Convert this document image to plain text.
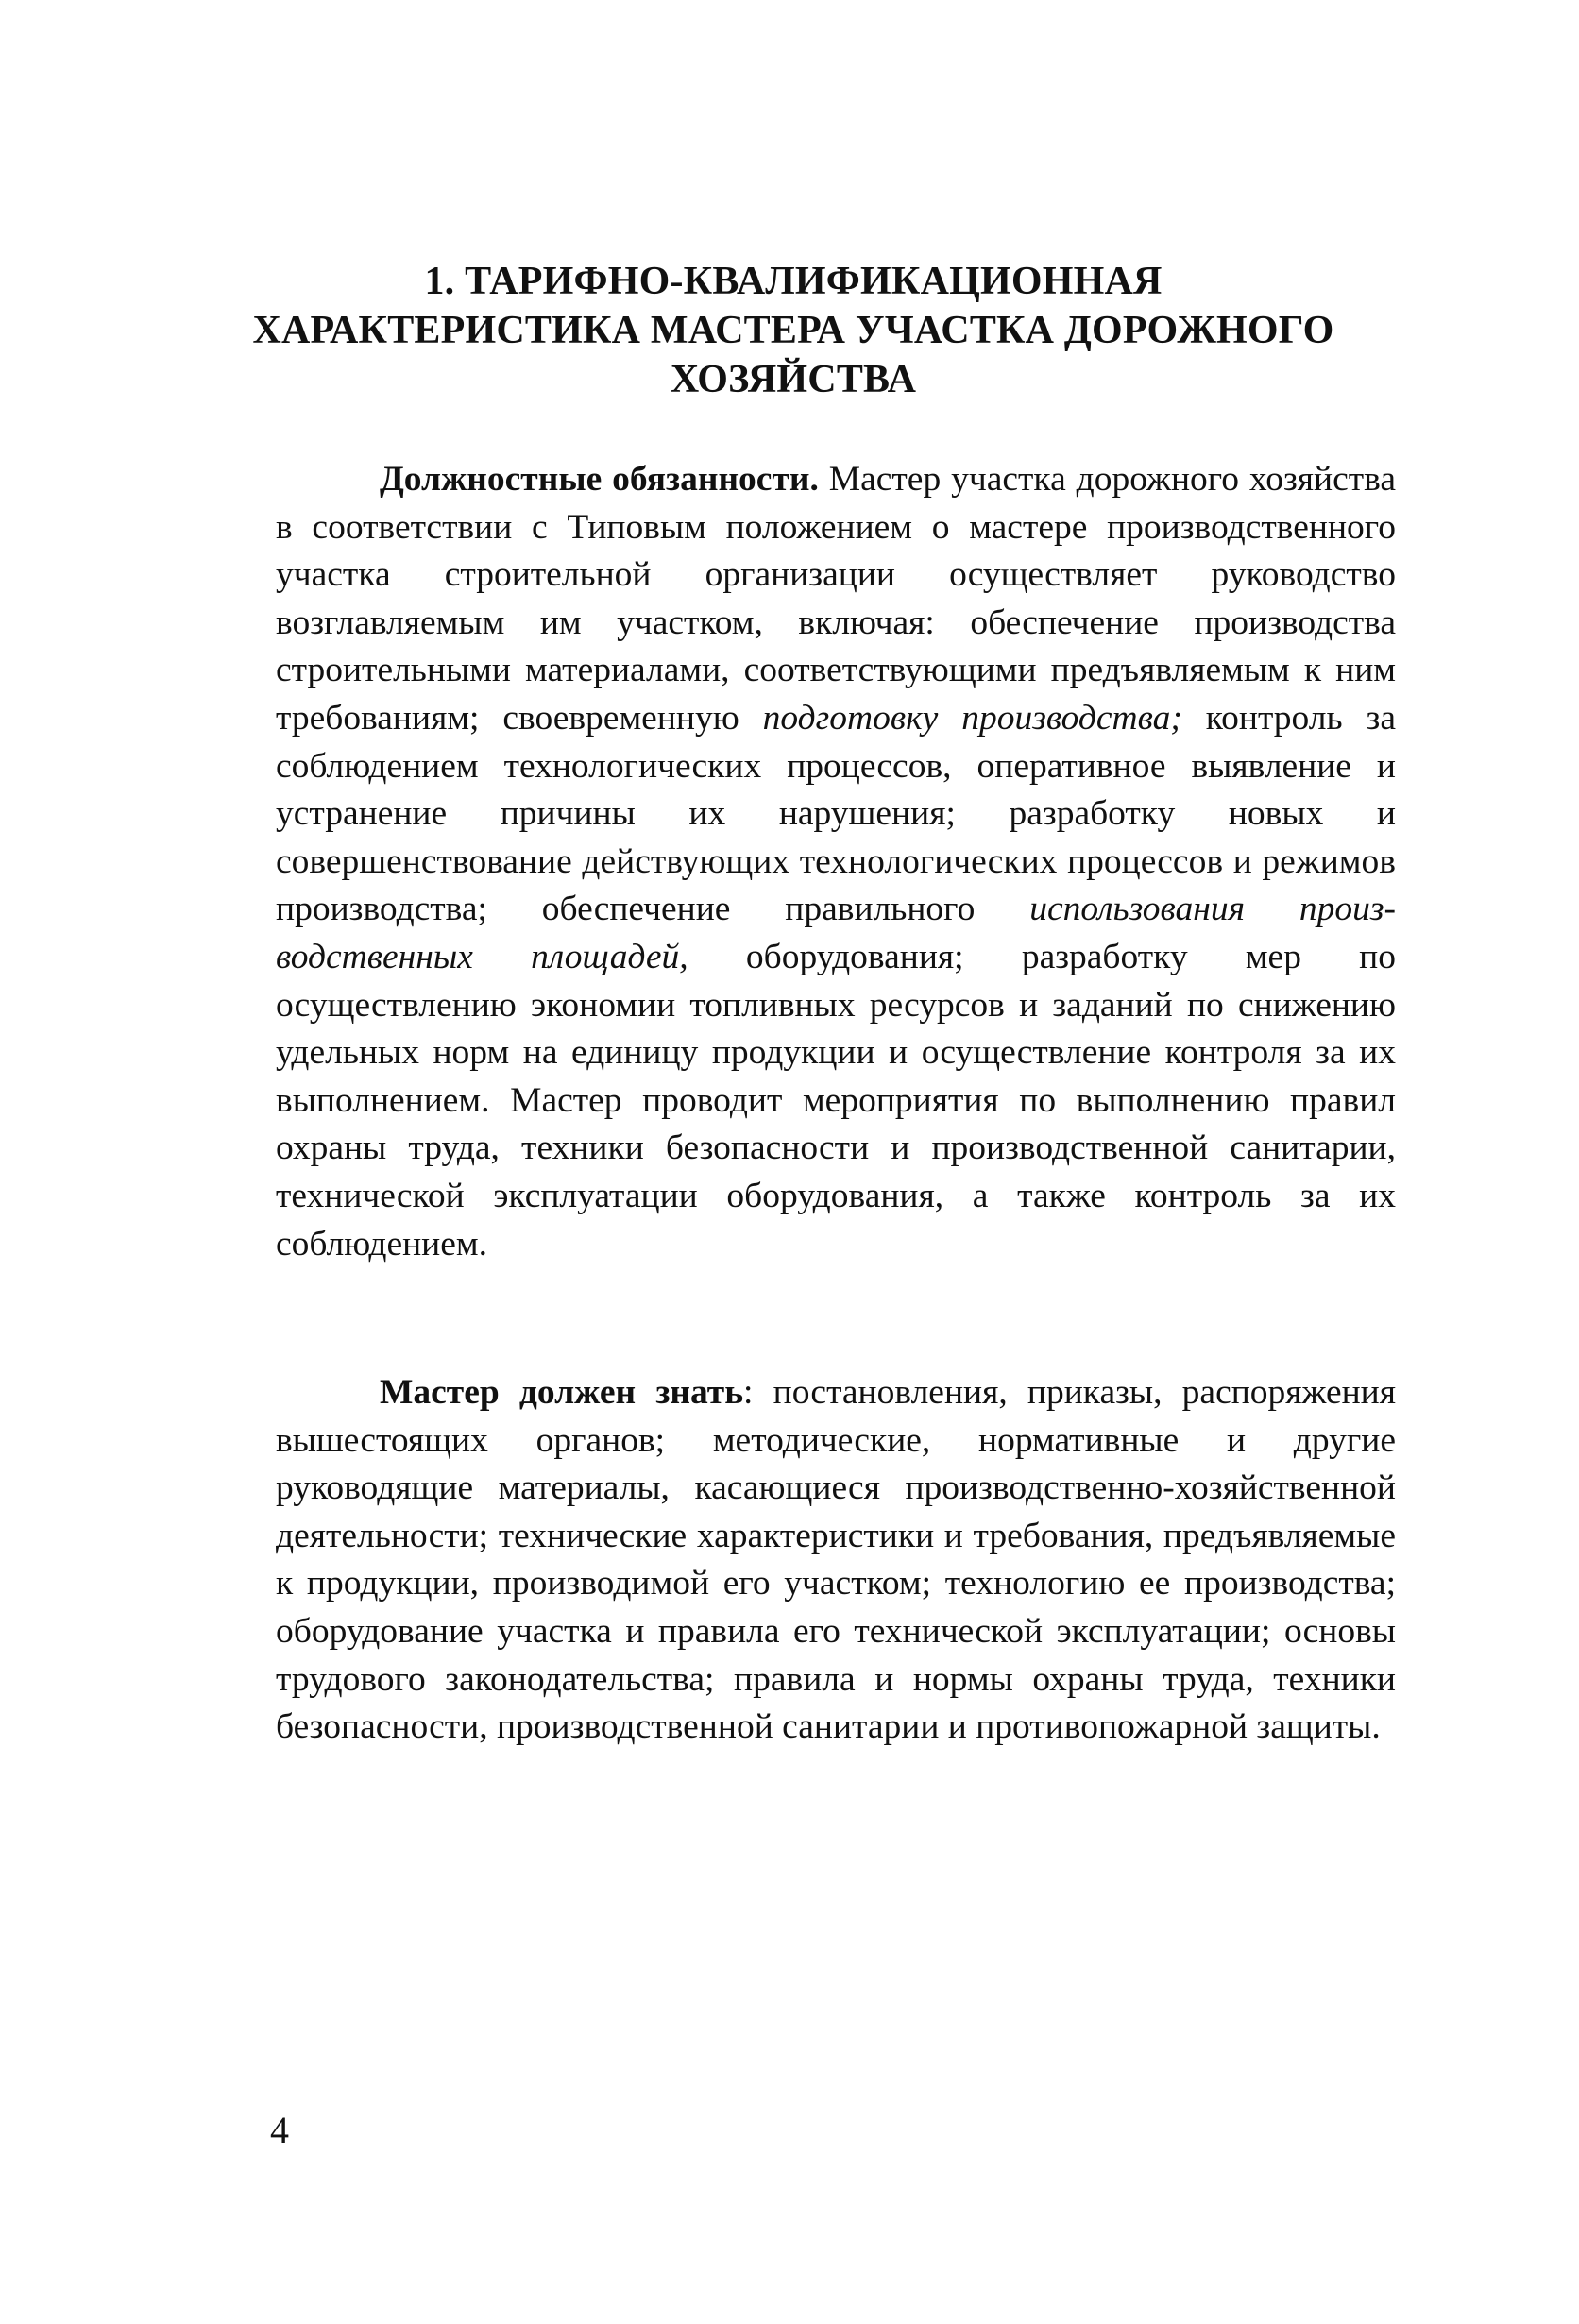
1. ТАРИФНО-КВАЛИФИКАЦИОННАЯ
ХАРАКТЕРИСТИКА МАСТЕРА УЧАСТКА ДОРОЖНОГО
ХОЗЯЙСТВА

Должностные обязанности. Мастер участка дорожного хозяйства в соответствии с Типовым положением о мастере производственного участка строительной организации осуществляет руководство возглавляемым им участком, включая: обеспечение производства строительными материалами, соответствующими предъявляемым к ним требованиям; своевременную подготовку производства; контроль за соблюдением технологических процессов, оперативное выявление и устранение причины их нарушения; разработку новых и совершенствование действующих технологических процессов и режимов производства; обеспечение правильного использования производственных площадей, оборудования; разработку мер по осуществлению экономии топливных ресурсов и заданий по снижению удельных норм на единицу продукции и осуществление контроля за их выполнением. Мастер проводит мероприятия по выполнению правил охраны труда, техники безопасности и производственной санитарии, технической эксплуатации оборудования, а также контроль за их соблюдением.

Мастер должен знать: постановления, приказы, распоряжения вышестоящих органов; методические, нормативные и другие руководящие материалы, касающиеся производственно-хозяйственной деятельности; технические характеристики и требования, предъявляемые к продукции, производимой его участком; технологию ее производства; оборудование участка и правила его технической эксплуатации; основы трудового законодательства; правила и нормы охраны труда, техники безопасности, производственной санитарии и противопожарной защиты.

4
